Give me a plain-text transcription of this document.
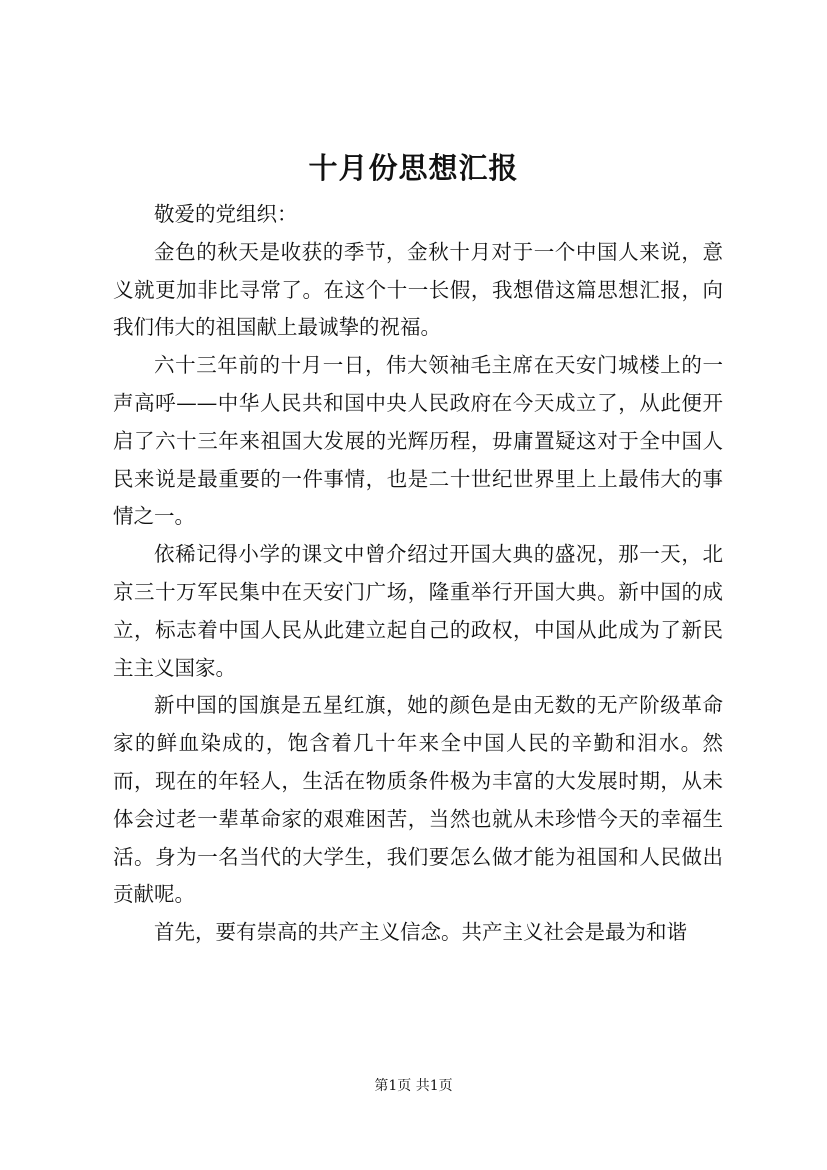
十月份思想汇报

敬爱的党组织：

金色的秋天是收获的季节，金秋十月对于一个中国人来说，意义就更加非比寻常了。在这个十一长假，我想借这篇思想汇报，向我们伟大的祖国献上最诚挚的祝福。

六十三年前的十月一日，伟大领袖毛主席在天安门城楼上的一声高呼——中华人民共和国中央人民政府在今天成立了，从此便开启了六十三年来祖国大发展的光辉历程，毋庸置疑这对于全中国人民来说是最重要的一件事情，也是二十世纪世界里上上最伟大的事情之一。

依稀记得小学的课文中曾介绍过开国大典的盛况，那一天，北京三十万军民集中在天安门广场，隆重举行开国大典。新中国的成立，标志着中国人民从此建立起自己的政权，中国从此成为了新民主主义国家。

新中国的国旗是五星红旗，她的颜色是由无数的无产阶级革命家的鲜血染成的，饱含着几十年来全中国人民的辛勤和泪水。然而，现在的年轻人，生活在物质条件极为丰富的大发展时期，从未体会过老一辈革命家的艰难困苦，当然也就从未珍惜今天的幸福生活。身为一名当代的大学生，我们要怎么做才能为祖国和人民做出贡献呢。

首先，要有崇高的共产主义信念。共产主义社会是最为和谐

第1页 共1页
